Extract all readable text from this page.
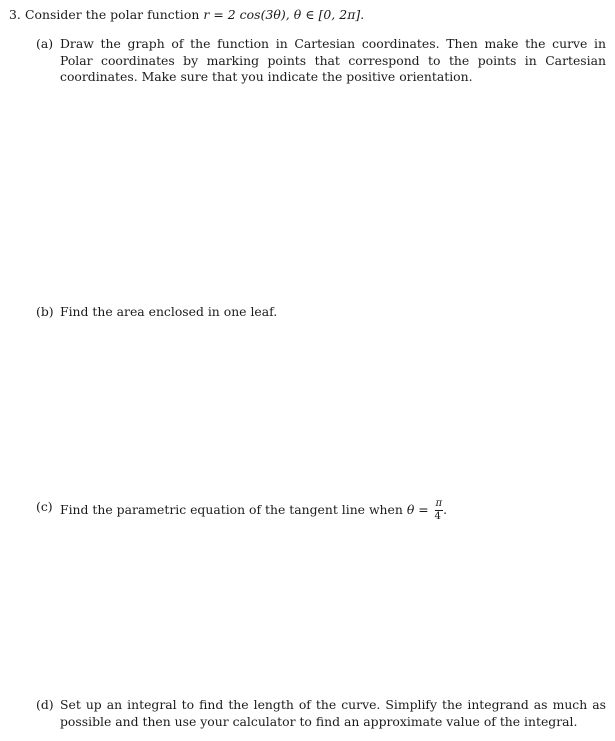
3. Consider the polar function r = 2 cos(3θ), θ ∈ [0, 2π].
(a) Draw the graph of the function in Cartesian coordinates. Then make the curve in Polar coordinates by marking points that correspond to the points in Cartesian coordinates. Make sure that you indicate the positive orientation.
(b) Find the area enclosed in one leaf.
(c) Find the parametric equation of the tangent line when $\theta = \frac{\pi}{4}$ .
(d) Set up an integral to find the length of the curve. Simplify the integrand as much as possible and then use your calculator to find an approximate value of the integral.
